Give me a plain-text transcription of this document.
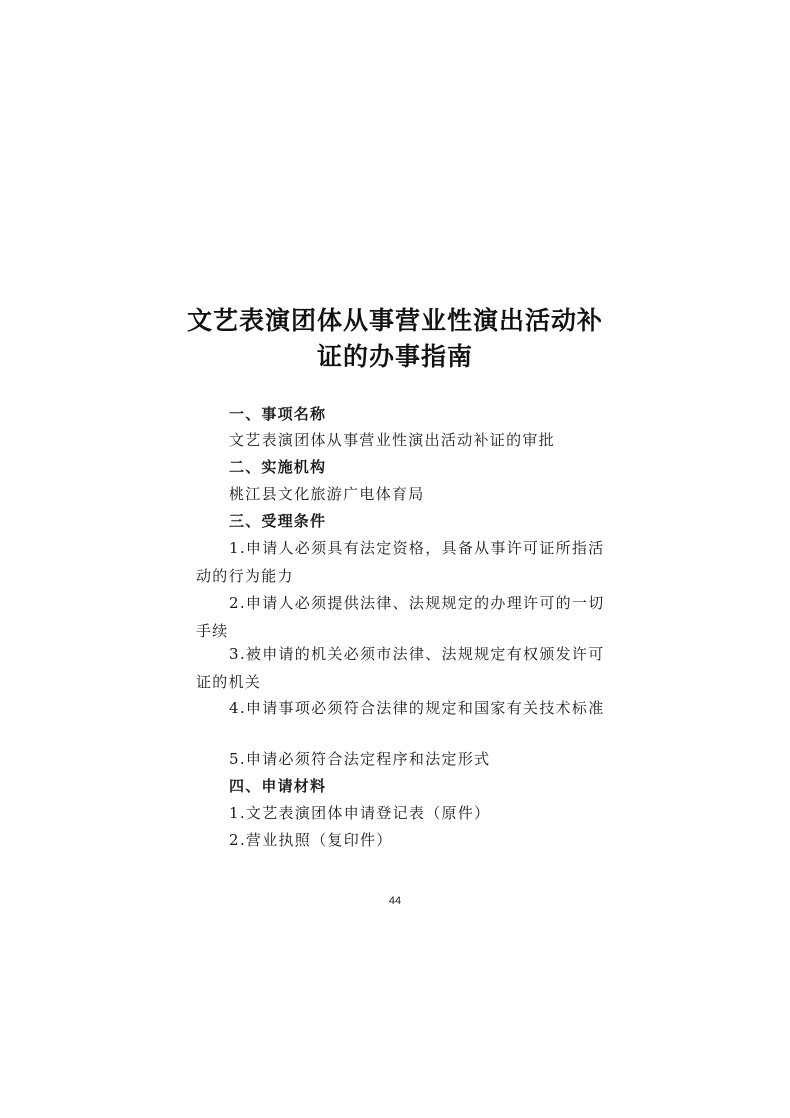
文艺表演团体从事营业性演出活动补
证的办事指南

一、事项名称

文艺表演团体从事营业性演出活动补证的审批

二、实施机构

桃江县文化旅游广电体育局

三、受理条件

1.申请人必须具有法定资格，具备从事许可证所指活动的行为能力

2.申请人必须提供法律、法规规定的办理许可的一切手续

3.被申请的机关必须市法律、法规规定有权颁发许可证的机关

4.申请事项必须符合法律的规定和国家有关技术标准

5.申请必须符合法定程序和法定形式

四、申请材料

1.文艺表演团体申请登记表（原件）

2.营业执照（复印件）

44
